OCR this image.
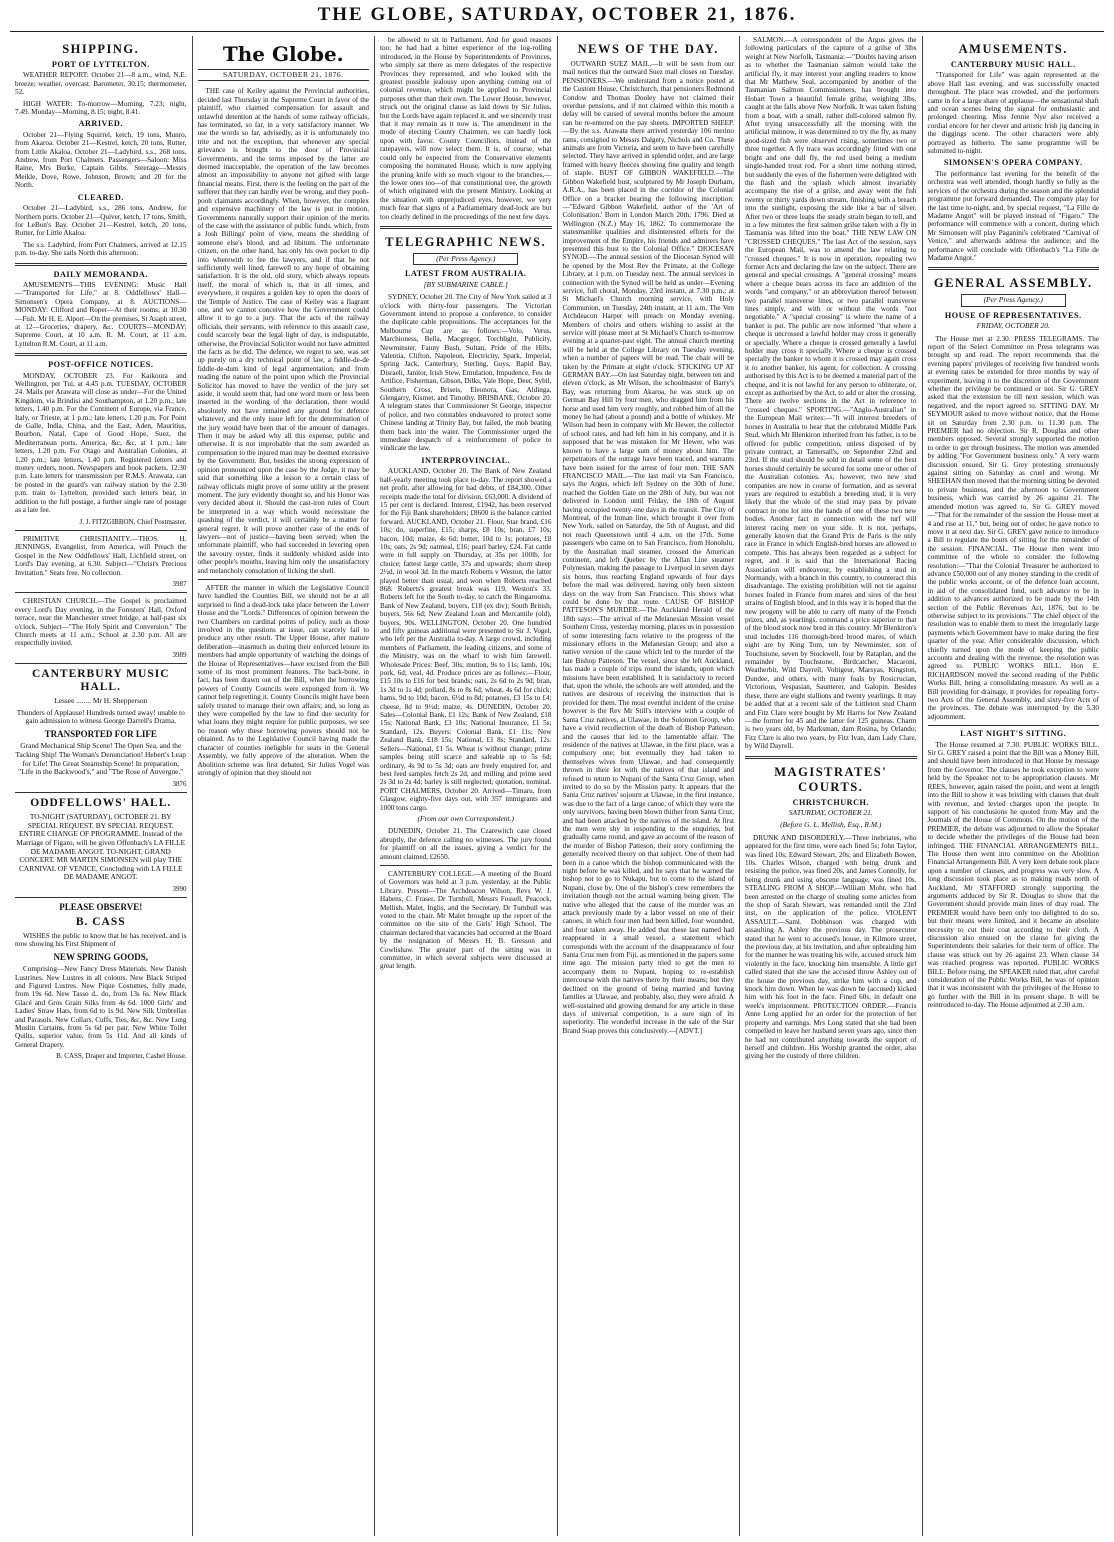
THE GLOBE, SATURDAY, OCTOBER 21, 1876.
SHIPPING.
PORT OF LYTTELTON.

WEATHER REPORT: October 21—8 a.m., wind, N.E. breeze; weather, overcast. Barometer, 30.15; thermometer, 52.

HIGH WATER: To-morrow—Morning, 7.23; night, 7.49. Monday—Morning, 8.15; night, 8.41.

ARRIVED.

October 21—Flying Squirrel, ketch, 19 tons, Munro, from Akaroa. October 21—Kestrel, ketch, 20 tons, Rutter, from Little Akaloa. October 21—Ladybird, s.s., 268 tons, Andrew, from Port Chalmers. Passengers—Saloon: Miss Raine, Mrs Burke, Captain Gibbs. Steerage—Messrs Meikle, Dove, Rowe, Johnson, Brown; and 20 for the North.

CLEARED.

October 21—Ladybird, s.s., 286 tons, Andrew, for Northern ports. October 21—Quiver, ketch, 17 tons, Smith, for LeBon's Bay. October 21—Kestrel, ketch, 20 tons, Rutter, for Little Akaloa.

The s.s. Ladybird, from Port Chalmers, arrived at 12.15 p.m. to-day. She sails North this afternoon.

DAILY MEMORANDA.

AMUSEMENTS—THIS EVENING: Music Hall—"Transported for Life," at 8. Oddfellows' Hall—Simonsen's Opera Company, at 8. AUCTIONS—MONDAY: Clifford and Roper—At their rooms, at 10.30—Fish. Mr H. E. Alport—On the premises, St Asaph street, at 12—Groceries, drapery, &c. COURTS—MONDAY: Supreme Court, at 10 a.m. R. M. Court, at 11 a.m. Lyttelton R.M. Court, at 11 a.m.

POST-OFFICE NOTICES.

MONDAY, OCTOBER 23. For Kaikoura and Wellington, per Tui, at 4.45 p.m. TUESDAY, OCTOBER 24. Mails per Arawata will close as under—For the United Kingdom, via Brindisi and Southampton, at 1.20 p.m.; late letters, 1.40 p.m. For the Continent of Europe, via France, Italy, or Trieste, at 1 p.m.; late letters, 1.20 p.m. For Point de Galle, India, China, and the East, Aden, Mauritius, Bourbon, Natal, Cape of Good Hope, Suez, the Mediterranean ports, America, &c, &c, at 1 p.m.; late letters, 1.20 p.m. For Otago and Australian Colonies, at 1.20 p.m.; late letters, 1.40 p.m. Registered letters and money orders, noon. Newspapers and book packets, 12.30 p.m. Late letters for transmission per R.M.S. Arawata, can be posted in the guard's van railway station by the 2.30 p.m. train to Lyttelton, provided such letters bear, in addition to the full postage, a further single rate of postage as a late fee.

J. J. FITZGIBBON, Chief Postmaster.

PRIMITIVE CHRISTIANITY.—THOS. H. JENNINGS, Evangelist, from America, will Preach the Gospel in the New Oddfellows' Hall, Lichfield street, on Lord's Day evening, at 6.30. Subject—"Christ's Precious Invitation." Seats free. No collection.

3987

CHRISTIAN CHURCH.—The Gospel is proclaimed every Lord's Day evening, in the Foresters' Hall, Oxford terrace, near the Manchester street bridge, at half-past six o'clock. Subject—"The Holy Spirit and Conversion." The Church meets at 11 a.m.; School at 2.30 p.m. All are respectfully invited.

3989
CANTERBURY MUSIC HALL.
Lessee ........ Mr H. Shepperson
Thunders of Applause! Hundreds turned away! unable to gain admission to witness George Darrell's Drama,
TRANSPORTED FOR LIFE
Grand Mechanical Ship Scene! The Open Sea, and the Tacking Ship! The Woman's Denunciation! Hebert's Leap for Life! The Great Steamship Scene! In preparation, "Life in the Backwood's," and "The Rose of Auvergne."
3876
ODDFELLOWS' HALL.
TO-NIGHT (SATURDAY), OCTOBER 21. BY SPECIAL REQUEST. BY SPECIAL REQUEST. ENTIRE CHANGE OF PROGRAMME. Instead of the Marriage of Figaro, will be given Offenbach's LA FILLE DE MADAME ANGOT. TO-NIGHT, GRAND CONCERT. MR MARTIN SIMONSEN will play THE CARNIVAL OF VENICE, Concluding with LA FILLE DE MADAME ANGOT.
3990
PLEASE OBSERVE!
B. CASS

WISHES the public to know that he has received, and is now showing his First Shipment of

NEW SPRING GOODS,

Comprising—New Fancy Dress Materials. New Danish Lustrines. New Lustres in all colours. New Black Striped and Figured Lustres. New Pique Costumes, fully made, from 19s 6d. New Tasso d.. do, from 13s 6s. New Black Glacé and Gros Grain Silks from 4s 6d. 1000 Girls' and Ladies' Straw Hats, from 6d to 1s 9d. New Silk Umbrellas and Parasols. New Collars, Cuffs, Ties, &c, &c. New Long Muslin Curtains, from 5s 6d per pair. New White Toilet Quilts, superior value, from 5s 11d. And all kinds of General Drapery.

B. CASS, Draper and Importer, Cashel House.
The Globe.
SATURDAY, OCTOBER 21, 1876.

THE case of Keiley against the Provincial authorities, decided last Thursday in the Supreme Court in favor of the plaintiff, who claimed compensation for assault and unlawful detention at the hands of some railway officials, has terminated, so far, in a very satisfactory manner. We use the words so far, advisedly, as it is unfortunately too trite and not the exception, that whenever any special grievance is brought to the door of Provincial Governments, and the terms imposed by the latter are deemed inacceptable, the operation of the law becomes almost an impossibility to anyone not gifted with large financial means. First, there is the feeling on the part of the sufferer that they can hardly ever be wrong, and they pooh-pooh claimants accordingly. When, however, the complex and expensive machinery of the law is put in motion, Governments naturally support their opinion of the merits of the case with the assistance of public funds, which, from a Josh Billings' point of view, means the shedding of someone else's blood, and ad libitum. The unfortunate citizen, on the other hand, has only his own pocket to dip into wherewith to fee the lawyers, and if that be not sufficiently well lined, farewell to any hope of obtaining satisfaction. It is the old, old story, which always repeats itself, the moral of which is, that in all times, and everywhere, it requires a golden key to open the doors of the Temple of Justice. The case of Keiley was a flagrant one, and we cannot conceive how the Government could allow it to go to a jury. That the acts of the railway officials, their servants, with reference to this assault case, could scarcely bear the legal light of day, is indisputable, otherwise, the Provincial Solicitor would not have admitted the facts as he did. The defence, we regret to see, was set up purely on a dry technical point of law, a fiddle-de-de fiddle-de-dum kind of legal argumentation, and from reading the nature of the point upon which the Provincial Solicitor has moved to have the verdict of the jury set aside, it would seem that, had one word more or less been inserted in the wording of the declaration, there would absolutely not have remained any ground for defence whatever, and the only issue left for the determination of the jury would have been that of the amount of damages. Then it may be asked why all this expense, public and otherwise. It is not improbable that the sum awarded as compensation to the injured man may be deemed excessive by the Government. But, besides the strong expression of opinion pronounced upon the case by the Judge, it may be said that something like a lesson to a certain class of railway officials might prove of some utility at the present moment. The jury evidently thought so, and his Honor was very decided about it. Should the cast-iron rules of Court be interpreted in a way which would necessitate the quashing of the verdict, it will certainly be a matter for general regret. It will prove another case of the ends of lawyers—not of justice—having been served; when the unfortunate plaintiff, who had succeeded in levering open the savoury oyster, finds it suddenly whisked aside into other people's mouths, leaving him only the unsatisfactory and melancholy consolation of licking the shell.

AFTER the manner in which the Legislative Council have handled the Counties Bill, we should not be at all surprised to find a dead-lock take place between the Lower House and the "Lords." Differences of opinion between the two Chambers on cardinal points of policy, such as those involved in the questions at issue, can scarcely fail to produce any other result. The Upper House, after mature deliberation—inasmuch as during their enforced leisure its members had ample opportunity of watching the doings of the House of Representatives—have excised from the Bill some of its most prominent features. The back-bone, in fact, has been drawn out of the Bill, when the borrowing powers of County Councils were expunged from it. We cannot help regretting it. County Councils might have been safely trusted to manage their own affairs; and, so long as they were compelled by the law to find due security for what loans they might require for public purposes, we see no reason why these borrowing powers should not be obtained. As to the Legislative Council having made the character of counties ineligible for seats in the General Assembly, we fully approve of the alteration. When the Abolition scheme was first debated, Sir Julius Vogel was strongly of opinion that they should not

be allowed to sit in Parliament. And for good reasons too; he had had a bitter experience of the log-rolling introduced, in the House by Superintendents of Provinces, who simply sat there as mere delegates of the respective Provinces they represented, and who looked with the greatest possible jealousy upon anything coming out of colonial revenue, which might be applied to Provincial purposes other than their own. The Lower House, however, struck out the original clause as laid down by Sir Julius, but the Lords have again replaced it, and we sincerely trust that it may remain as it now is. The amendment in the mode of electing County Chairmen, we can hardly look upon with favor. County Councillors, instead of the ratepayers, will now select them. It is, of course, what could only be expected from the Conservative elements composing the nominated House, which is now applying the pruning knife with so much vigour to the branches,—the lower ones too—of that constitutional tree, the growth of which originated with the present Ministry. Looking at the situation with unprejudiced eyes, however, we very much fear that signs of a Parliamentary dead-lock are but too clearly defined in the proceedings of the next few days.

TELEGRAPHIC NEWS.
(Per Press Agency.)
LATEST FROM AUSTRALIA.
[BY SUBMARINE CABLE.]

SYDNEY, October 20. The City of New York sailed at 3 o'clock with thirty-four passengers. The Victorian Government intend to propose a conference, to consider the duplicate cable propositions. The acceptances for the Melbourne Cup are as follows:—Volo, Verus, Marchioness, Bella, Macgregor, Torchlight, Publicity, Newminster, Fanny Bush, Sultan, Pride of the Hills, Valentia, Clifton, Napoleon, Electricity, Spark, Imperial, Spring Jack, Canterbury, Sterling, Guys, Rapid Bay, Disraeli, Janitor, Irish Stew, Emulation, Impudence, Feu de Artifice, Fisherman, Gibson, Dilks, Vale Hope, Deer, Sybil, Southern Cross, Briseis, Eleonora, Gas, Aldinga, Glengarry, Kismet, and Timothy. BRISBANE, October 20. A telegram states that Commissioner St George, inspector of police, and two constables endeavored to protect some Chinese landing at Trinity Bay, but failed, the mob beating them back into the water. The Commissioner urged the immediate despatch of a reinforcement of police to vindicate the law.

INTERPROVINCIAL.

AUCKLAND, October 20. The Bank of New Zealand half-yearly meeting took place to-day. The report showed a net profit, after allowing for bad debts, of £84,300. Other receipts made the total for division, £63,000. A dividend of 15 per cent is declared. Interest, £1942, has been reserved for the Fiji Bank shareholders; £8600 is the balance carried forward. AUCKLAND, October 21. Flour, Star brand, £16 10s; do, superfine, £15; sharps, £8 10s; bran, £7 10s; bacon, 10d; maize, 4s 6d; butter, 10d to 1s; potatoes, £8 10s; oats, 2s 9d; oatmeal, £16; pearl barley, £24. Fat cattle were in full supply on Thursday, at 35s per 100lb, for choice; fattest large cattle, 37s and upwards; shorn sheep 2½d, in wool 3d. In the match Roberts v Weston, the latter played better than usual, and won when Roberts reached 868. Roberts's greatest break was 119, Weston's 33. Roberts left for the South to-day, to catch the Ringarooma. Bank of New Zealand, buyers, £18 (ex div); South British, buyers, 56s 6d; New Zealand Loan and Mercantile (old), buyers, 90s. WELLINGTON, October 20. One hundred and fifty guineas additional were presented to Sir J. Vogel, who left per the Australia to-day. A large crowd, including members of Parliament, the leading citizens, and some of the Ministry, was on the wharf to wish him farewell. Wholesale Prices: Beef, 30s; mutton, 9s to 11s; lamb, 10s; pork, 6d; veal, 4d. Produce prices are as follows:—Flour, £15 10s to £16 for best brands; oats, 2s 6d to 2s 9d; bran, 1s 3d to 1s 4d; pollard, 8s to 8s 6d; wheat, 4s 6d for chick; hams, 9d to 10d; bacon, 6½d to 8d; potatoes, £3 15s to £4; cheese, 8d to 9½d; maize, 4s. DUNEDIN, October 20. Sales—Colonial Bank, £1 12s; Bank of New Zealand, £18 15s; National Bank, £3 10s; National Insurance, £1 5s; Standard, 12s. Buyers: Colonial Bank, £1 11s; New Zealand Bank, £18 15s; National, £1 8s; Standard, 12s. Sellers—National, £1 5s. Wheat is without change; prime samples being still scarce and saleable up to 5s 6d; ordinary, 4s 9d to 5s 3d; oats are freely enquired for, and best feed samples fetch 2s 2d, and milling and prime seed 2s 3d to 2s 4d; barley is still neglected; quotation, nominal. PORT CHALMERS, October 20. Arrived—Timaru, from Glasgow, eighty-five days out, with 357 immigrants and 1000 tons cargo.

(From our own Correspondent.)

DUNEDIN, October 21. The Czarewitch case closed abruptly, the defence calling no witnesses. The jury found for plaintiff on all the issues, giving a verdict for the amount claimed, £2650.

CANTERBURY COLLEGE.—A meeting of the Board of Governors was held at 3 p.m. yesterday, at the Public Library. Present—The Archdeacon Wilson, Revs W. J. Habens, C. Fraser, Dr Turnbull, Messrs Fossell, Peacock, Mellish, Malet, Inglis, and the Secretary. Dr Turnbull was voted to the chair. Mr Malet brought up the report of the committee on the site of the Girls' High School. The chairman declared that vacancies had occurred at the Board by the resignation of Messrs H. B. Gresson and Cowlishaw. The greater part of the sitting was in committee, in which several subjects were discussed at great length.

NEWS OF THE DAY.

OUTWARD SUEZ MAIL.—It will be seen from our mail notices that the outward Suez mail closes on Tuesday. PENSIONERS.—We understand from a notice posted at the Custom House, Christchurch, that pensioners Redmond Condow and Thomas Dooley have not claimed their overdue pensions, and if not claimed within this month a delay will be caused of several months before the amount can be re-entered on the pay sheets. IMPORTED SHEEP.—By the s.s. Arawata there arrived yesterday 106 merino rams, consigned to Messrs Dalgety, Nichols and Co. These animals are from Victoria, and seem to have been carefully selected. They have arrived in splendid order, and are large framed with heavy fleeces showing fine quality and length of staple. BUST OF GIBBON WAKEFIELD.—The Gibbon Wakefield bust, sculptured by Mr Joseph Durham, A.R.A., has been placed in the corridor of the Colonial Office on a bracket bearing the following inscription:—"Edward Gibbon Wakefield, author of the 'Art of Colonisation.' Born in London March 20th, 1796. Died at Wellington (N.Z.) May 16, 1862. To commemorate the statesmanlike qualities and disinterested efforts for the improvement of the Empire, his friends and admirers have presented this bust to the Colonial Office." DIOCESAN SYNOD.—The annual session of the Diocesan Synod will be opened by the Most Rev the Primate, at the College Library, at 1 p.m. on Tuesday next. The annual services in connection with the Synod will be held as under—Evening service, full choral, Monday, 23rd instant, at 7.30 p.m.; at St Michael's Church morning service, with Holy Communion, on Tuesday, 24th instant, at 11 a.m. The Ven Archdeacon Harper will preach on Monday evening. Members of choirs and others wishing to assist at the service will please meet at St Michael's Church to-morrow evening at a quarter-past eight. The annual church meeting will be held at the College Library on Tuesday evening, when a number of papers will be read. The chair will be taken by the Primate at eight o'clock. STICKING UP AT GERMAN BAY.—On last Saturday night, between ten and eleven o'clock, as Mr Wilson, the schoolmaster of Barry's Bay, was returning from Akaroa, he was stuck up on German Bay Hill by four men, who dragged him from his horse and used him very roughly, and robbed him of all the money he had (about a pound) and a bottle of whiskey. Mr Wilson had been in company with Mr Hewer, the collector of school rates, and had left him in his company, and it is supposed that he was mistaken for Mr Hewer, who was known to have a large sum of money about him. The perpetrators of the outrage have been traced, and warrants have been issued for the arrest of four men. THE SAN FRANCISCO MAIL.—The last mail via San Francisco, says the Argus, which left Sydney on the 30th of June, reached the Golden Gate on the 28th of July, but was not delivered in London until Friday, the 18th of August having occupied twenty-one days in the transit. The City of Montreal, of the Inman line, which brought it over from New York, sailed on Saturday, the 5th of August, and did not reach Queenstown until 4 a.m. on the 17th. Some passengers who came on to San Francisco, from Honolulu, by the Australian mail steamer, crossed the American continent, and left Quebec by the Allan Line steamer Polynesian, making the passage to Liverpool in seven days six hours, thus reaching England upwards of four days before the mail was delivered, having only been sixteen days on the way from San Francisco. This shows what could be done by that route. CAUSE OF BISHOP PATTESON'S MURDER.—The Auckland Herald of the 18th says:—The arrival of the Melanesian Mission vessel Southern Cross, yesterday morning, places us in possession of some interesting facts relative to the progress of the missionary efforts in the Melanesian Group; and also a native version of the cause which led to the murder of the late Bishop Patteson. The vessel, since she left Auckland, has made a couple of trips round the islands, upon which missions have been established. It is satisfactory to record that, upon the whole, the schools are well attended, and the natives are desirous of receiving the instruction that is provided for them. The most eventful incident of the cruise however is the Rev Mr Still's interview with a couple of Santa Cruz natives, at Ulawae, in the Solomon Group, who have a vivid recollection of the death of Bishop Patteson, and the causes that led to the lamentable affair. The residence of the natives at Ulawae, in the first place, was a compulsory one; but eventually they had taken to themselves wives from Ulawae, and had consequently thrown in their lot with the natives of that island and refused to return to Nupani of the Santa Cruz Group, when invited to do so by the Mission party. It appears that the Santa Cruz natives' sojourn at Ulawae, in the first instance, was due to the fact of a large canoe, of which they were the only survivors, having been blown thither from Santa Cruz, and had been attacked by the natives of the island. At first the men were shy in responding to the enquiries, but gradually came round, and gave an account of the reason of the murder of Bishop Patteson, their story confirming the generally received theory on that subject. One of them had been in a canoe which the bishop communicated with the night before he was killed, and he says that he warned the bishop not to go to Nukapu, but to come to the island of Nupani, close by. One of the bishop's crew remembers the invitation though not the actual warning being given. The native who alleged that the cause of the murder was an attack previously made by a labor vessel on one of their canoes, in which four men had been killed, four wounded, and four taken away. He added that these last named had reappeared in a small vessel, a statement which corresponds with the account of the disappearance of four Santa Cruz men from Fiji, as mentioned in the papers some time ago. The mission party tried to get the men to accompany them to Nupani, hoping to re-establish intercourse with the natives there by their means; but they declined on the ground of being married and having families at Ulawae, and probably, also, they were afraid. A well-sustained and growing demand for any article in these days of universal competition, is a sure sign of its superiority. The wonderful increase in the sale of the Star Brand Soap proves this conclusively.—[ADVT.]

SALMON.—A correspondent of the Argus gives the following particulars of the capture of a grilse of 3lbs weight at New Norfolk, Tasmania:—"Doubts having arisen as to whether the Tasmanian salmon would take the artificial fly, it may interest your angling readers to know that Mr Matthew Seal, accompanied by another of the Tasmanian Salmon Commissioners, has brought into Hobart Town a beautiful female grilse, weighing 3lbs, caught at the falls above New Norfolk. It was taken fishing from a boat, with a small, rather dull-colored salmon fly. After trying unsuccessfully all the morning with the artificial minnow, it was determined to try the fly, as many good-sized fish were observed rising, sometimes two or three together. A fly trace was accordingly fitted with one bright and one dull fly, the rod used being a medium single-handed trout rod. For a short time nothing stirred, but suddenly the eyes of the fishermen were delighted with the flash and the splash which almost invariably accompany the rise of a grilse, and away went the fish twenty or thirty yards down stream, finishing with a breach into the sunlight, exposing the side like a bar of silver. After two or three leaps the steady strain began to tell, and in a few minutes the first salmon grilse taken with a fly in Tasmania was lifted into the boat." THE NEW LAW ON "CROSSED CHEQUES." The last Act of the session, says the European Mail, was to amend the law relating to "crossed cheques." It is now in operation, repealing two former Acts and declaring the law on the subject. There are general and special crossings. A "general crossing" means where a cheque bears across its face an addition of the words "and company," or an abbreviation thereof between two parallel transverse lines, or two parallel transverse lines simply, and with or without the words "not negotiable." A "special crossing" is where the name of a banker is put. The public are now informed "that where a cheque is uncrossed a lawful holder may cross it generally or specially. Where a cheque is crossed generally a lawful holder may cross it specially. Where a cheque is crossed specially the banker to whom it is crossed may again cross it to another banker, his agent, for collection. A crossing authorised by this Act is to be deemed a material part of the cheque, and it is not lawful for any person to obliterate, or, except as authorised by the Act, to add or alter the crossing. There are twelve sections in the Act in reference to "crossed cheques." SPORTING.—"Anglo-Australian" in the European Mail writes:—"It will interest breeders of horses in Australia to hear that the celebrated Middle Park Stud, which Mr Blenkiron inherited from his father, is to be offered for public competition, unless disposed of by private contract, at Tattersall's, on September 22nd and 23rd. If the stud should be sold in detail some of the best horses should certainly be secured for some one or other of the Australian colonies. As, however, two new stud companies are now in course of formation, and as several years are required to establish a breeding stud, it is very likely that the whole of the stud may pass by private contract in one lot into the hands of one of these two new bodies. Another fact in connection with the turf will interest racing men on your side. It is not, perhaps, generally known that the Grand Prix de Paris is the only race in France in which English-bred horses are allowed to compete. This has always been regarded as a subject for regret, and it is said that the International Racing Association will endeavour, by establishing a stud in Normandy, with a branch in this country, to counteract this disadvantage. The existing prohibition will not tie against horses foaled in France from mares and sires of the best strains of English blood, and in this way it is hoped that the new progeny will be able to carry off many of the French prizes, and, as yearlings, command a price superior to that of the blood stock now bred in this country. Mr Blenkiron's stud includes 116 thorough-bred brood mares, of which eight are by King Tom, ten by Newminster, son of Touchstone, seven by Stockwell, four by Rataplan, and the remainder by Touchstone, Birdcatcher, Macaroni, Weatherbit, Wild Dayrell, Voltigeur, Marsyas, Kingston, Dundee, and others, with many foals by Rosicrucian, Victorious, Vespasian, Saunterer, and Galopin. Besides these, there are eight stallions and twenty yearlings. It may be added that at a recent sale of the Littleton stud Charm and Fitz Clare were bought by Mr Harris for New Zealand—the former for 45 and the latter for 125 guineas. Charm is two years old, by Marksman, dam Rosina, by Orlando; Fitz Clare is also two years, by Fitz Ivan, dam Lady Clare, by Wild Dayrell.

MAGISTRATES' COURTS.
CHRISTCHURCH.
SATURDAY, OCTOBER 21.
(Before G. L. Mellish, Esq., R.M.)

DRUNK AND DISORDERLY.—Three inebriates, who appeared for the first time, were each fined 5s; John Taylor, was fined 10s; Edward Stewart, 20s; and Elizabeth Bowen, 10s. Charles Wilson, charged with being drunk and resisting the police, was fined 20s, and James Connolly, for being drunk and using obscene language, was fined 10s. STEALING FROM A SHOP.—William Mohr, who had been arrested on the charge of stealing some articles from the shop of Sarah Stewart, was remanded until the 23rd inst, on the application of the police. VIOLENT ASSAULT.—Saml. Dobbinson was charged with assaulting A. Ashley the previous day. The prosecutor stated that he went to accused's house, in Kilmore street, the previous day, at his invitation, and after upbraiding him for the manner he was treating his wife, accused struck him violently in the face, knocking him insensible. A little girl called stated that she saw the accused throw Ashley out of the house the previous day, strike him with a cup, and knock him down. When he was down he (accused) kicked him with his foot in the face. Fined 60s, in default one week's imprisonment. PROTECTION ORDER.—Francis Anne Long applied for an order for the protection of her property and earnings. Mrs Long stated that she had been compelled to leave her husband seven years ago, since then he had not contributed anything towards the support of herself and children. His Worship granted the order, also giving her the custody of three children.

AMUSEMENTS.
CANTERBURY MUSIC HALL.

"Transported for Life" was again represented at the above Hall last evening, and was successfully enacted throughout. The place was crowded, and the performers came in for a large share of applause—the sensational shaft and ocean scenes being the signal for enthusiastic and prolonged cheering. Miss Jennie Nye also received a cordial encore for her clever and artistic Irish jig dancing in the diggings scene. The other characters were ably portrayed as hitherto. The same programme will be submitted to-night.

SIMONSEN'S OPERA COMPANY.

The performance last evening for the benefit of the orchestra was well attended, though hardly so fully as the services of the orchestra during the season and the splendid programme put forward demanded. The company play for the last time to-night, and, by special request, "La Fille de Madame Angot" will be played instead of "Figaro." The performance will commence with a concert, during which Mr Simonsen will play Paganini's celebrated "Carnival of Venice," and afterwards address the audience; and the performance will conclude with Offenbach's "La Fille de Madame Angot."

GENERAL ASSEMBLY.
(Per Press Agency.)
HOUSE OF REPRESENTATIVES.
FRIDAY, OCTOBER 20.

The House met at 2.30. PRESS TELEGRAMS. The report of the Select Committee on Press telegrams was brought up and read. The report recommends that the evening papers' privileges of receiving five hundred words at evening rates be extended for three months by way of experiment, leaving it to the discretion of the Government whether the privilege be continued or not. Sir G. GREY asked that the extension be till next session, which was negatived, and the report agreed to. SITTING DAY. Mr SEYMOUR asked to move without notice, that the House sit on Saturday from 2.30 p.m. to 11.30 p.m. The PREMIER had no objection. Sir R. Douglas and other members opposed. Several strongly supported the motion to order to get through business. The motion was amended by adding "For Government business only." A very warm discussion ensued, Sir G. Grey protesting strenuously against sitting on Saturday as cruel and wrong. Mr SHEEHAN then moved that the morning sitting be devoted to private business, and the afternoon to Government business, which was carried by 26 against 21. The amended motion was agreed to. Sir G. GREY moved—"That for the remainder of the session the House meet at 4 and rise at 11," but, being out of order, he gave notice to move it at next day. Sir G. GREY gave notice to introduce a Bill to regulate the hours of sitting for the remainder of the session. FINANCIAL. The House then went into committee of the whole to consider the following resolution:—"That the Colonial Treasurer be authorized to advance £50,000 out of any money standing to the credit of the public works account, or of the defence loan account, in aid of the consolidated fund, such advance to be in addition to advances authorized to be made by the 14th section of the Public Revenues Act, 1876, but to be otherwise subject to its provisions." The chief object of the resolution was to enable them to meet the irregularly large payments which Government have to make during the first quarter of the year. After considerable discussion, which chiefly turned upon the mode of keeping the public accounts and dealing with the revenue, the resolution was agreed to. PUBLIC WORKS BILL. Hon E. RICHARDSON moved the second reading of the Public Works Bill, being a consolidating measure. As well as a Bill providing for drainage, it provides for repealing forty-two Acts of the General Assembly, and sixty-five Acts of the provinces. The debate was interrupted by the 5.30 adjournment.

LAST NIGHT'S SITTING.

The House resumed at 7.30. PUBLIC WORKS BILL. Sir G. GREY raised a point that the Bill was a Money Bill, and should have been introduced in that House by message from the Governor. The clauses he took exception to were held by the Speaker not to be appropriation clauses. Mr REES, however, again raised the point, and went at length into the Bill to show it was bristling with clauses that dealt with revenue, and levied charges upon the people. In support of his conclusions he quoted from May and the Journals of the House of Commons. On the motion of the PREMIER, the debate was adjourned to allow the Speaker to decide whether the privileges of the House had been infringed. THE FINANCIAL ARRANGEMENTS BILL. The House then went into committee on the Abolition Financial Arrangements Bill. A very keen debate took place upon a number of clauses, and progress was very slow. A long discussion took place as to making roads north of Auckland, Mr STAFFORD strongly supporting the arguments adduced by Sir R. Douglas to show that the Government should provide main lines of dray road. The PREMIER would have been only too delighted to do so, but their means were limited, and it became an absolute necessity to cut their coat according to their cloth. A discussion also ensued on the clause for giving the Superintendents their salaries for their term of office. The clause was struck out by 26 against 23. When clause 34 was reached progress was reported. PUBLIC WORKS BILL. Before rising, the SPEAKER ruled that, after careful consideration of the Public Works Bill, he was of opinion that it was inconsistent with the privileges of the House to go further with the Bill in its present shape. It will be reintroduced to-day. The House adjourned at 2.30 a.m.
